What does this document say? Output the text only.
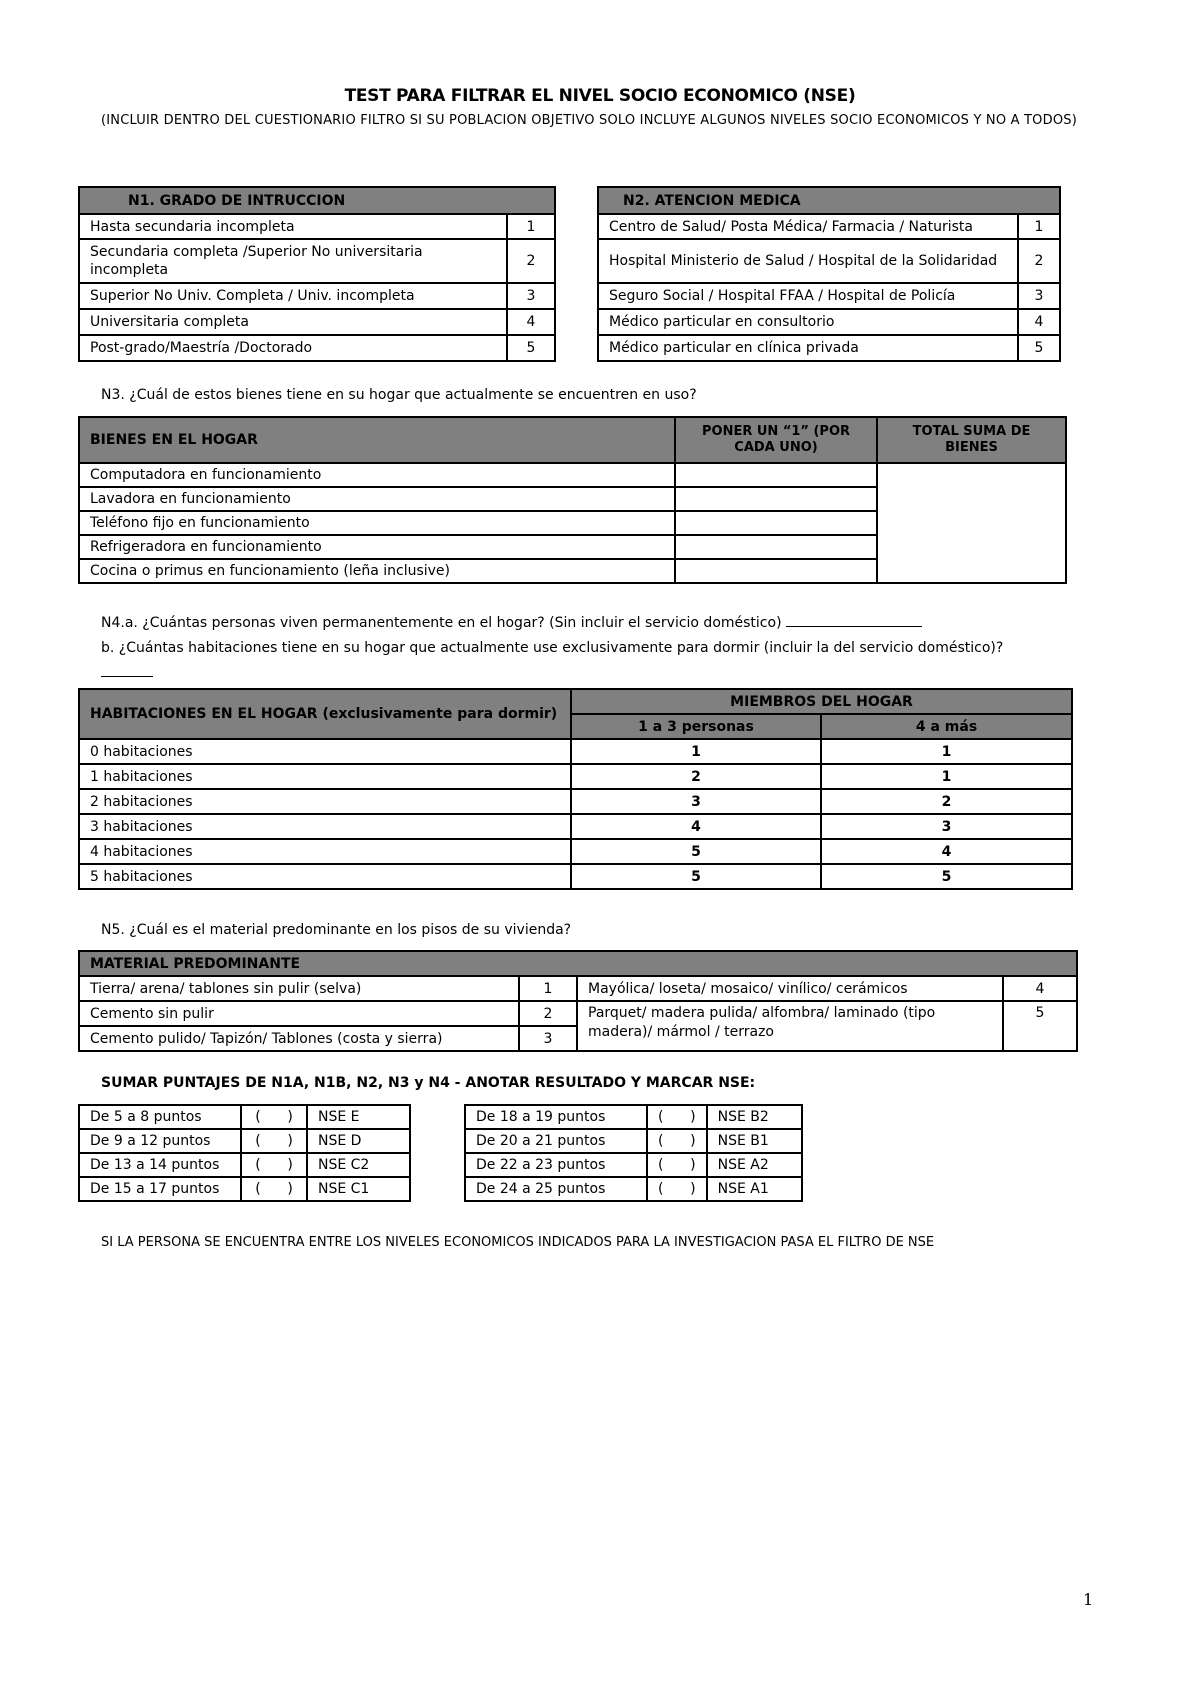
TEST PARA FILTRAR EL NIVEL SOCIO ECONOMICO (NSE)
(INCLUIR DENTRO DEL CUESTIONARIO FILTRO SI SU POBLACION OBJETIVO SOLO INCLUYE ALGUNOS NIVELES SOCIO ECONOMICOS Y NO A TODOS)
N1. GRADO DE INTRUCCION	
Hasta secundaria incompleta	1
Secundaria completa /Superior No universitaria incompleta	2
Superior No Univ. Completa / Univ. incompleta	3
Universitaria completa	4
Post-grado/Maestría /Doctorado	5
N2. ATENCION MEDICA	
Centro de Salud/ Posta Médica/ Farmacia / Naturista	1
Hospital Ministerio de Salud / Hospital de la Solidaridad	2
Seguro Social / Hospital FFAA / Hospital de Policía	3
Médico particular en consultorio	4
Médico particular en clínica privada	5
N3. ¿Cuál de estos bienes tiene en su hogar que actualmente se encuentren en uso?
BIENES EN EL HOGAR	PONER UN “1” (POR CADA UNO)	TOTAL SUMA DE BIENES
Computadora en funcionamiento		
Lavadora en funcionamiento		
Teléfono fijo en funcionamiento		
Refrigeradora en funcionamiento		
Cocina o primus en funcionamiento (leña inclusive)		
N4.a. ¿Cuántas personas viven permanentemente en el hogar? (Sin incluir el servicio doméstico)
b. ¿Cuántas habitaciones tiene en su hogar que actualmente use exclusivamente para dormir (incluir la del servicio doméstico)?
HABITACIONES EN EL HOGAR (exclusivamente para dormir)	MIEMBROS DEL HOGAR	
	1 a 3 personas	4 a más
0 habitaciones	1	1
1 habitaciones	2	1
2 habitaciones	3	2
3 habitaciones	4	3
4 habitaciones	5	4
5 habitaciones	5	5
N5. ¿Cuál es el material predominante en los pisos de su vivienda?
MATERIAL PREDOMINANTE			
Tierra/ arena/ tablones sin pulir (selva)	1	Mayólica/ loseta/ mosaico/ vinílico/ cerámicos	4
Cemento sin pulir	2	Parquet/ madera pulida/ alfombra/ laminado (tipo madera)/ mármol / terrazo	5
Cemento pulido/ Tapizón/ Tablones (costa y sierra)	3		
SUMAR PUNTAJES DE N1A, N1B, N2, N3 y N4 - ANOTAR RESULTADO Y MARCAR NSE:
De 5 a 8 puntos	(      )	NSE E
De 9 a 12 puntos	(      )	NSE D
De 13 a 14 puntos	(      )	NSE C2
De 15 a 17 puntos	(      )	NSE C1
De 18 a 19 puntos	(      )	NSE B2
De 20 a 21 puntos	(      )	NSE B1
De 22 a 23 puntos	(      )	NSE A2
De 24 a 25 puntos	(      )	NSE A1
SI LA PERSONA SE ENCUENTRA ENTRE LOS NIVELES ECONOMICOS INDICADOS PARA LA INVESTIGACION PASA EL FILTRO DE NSE
1
